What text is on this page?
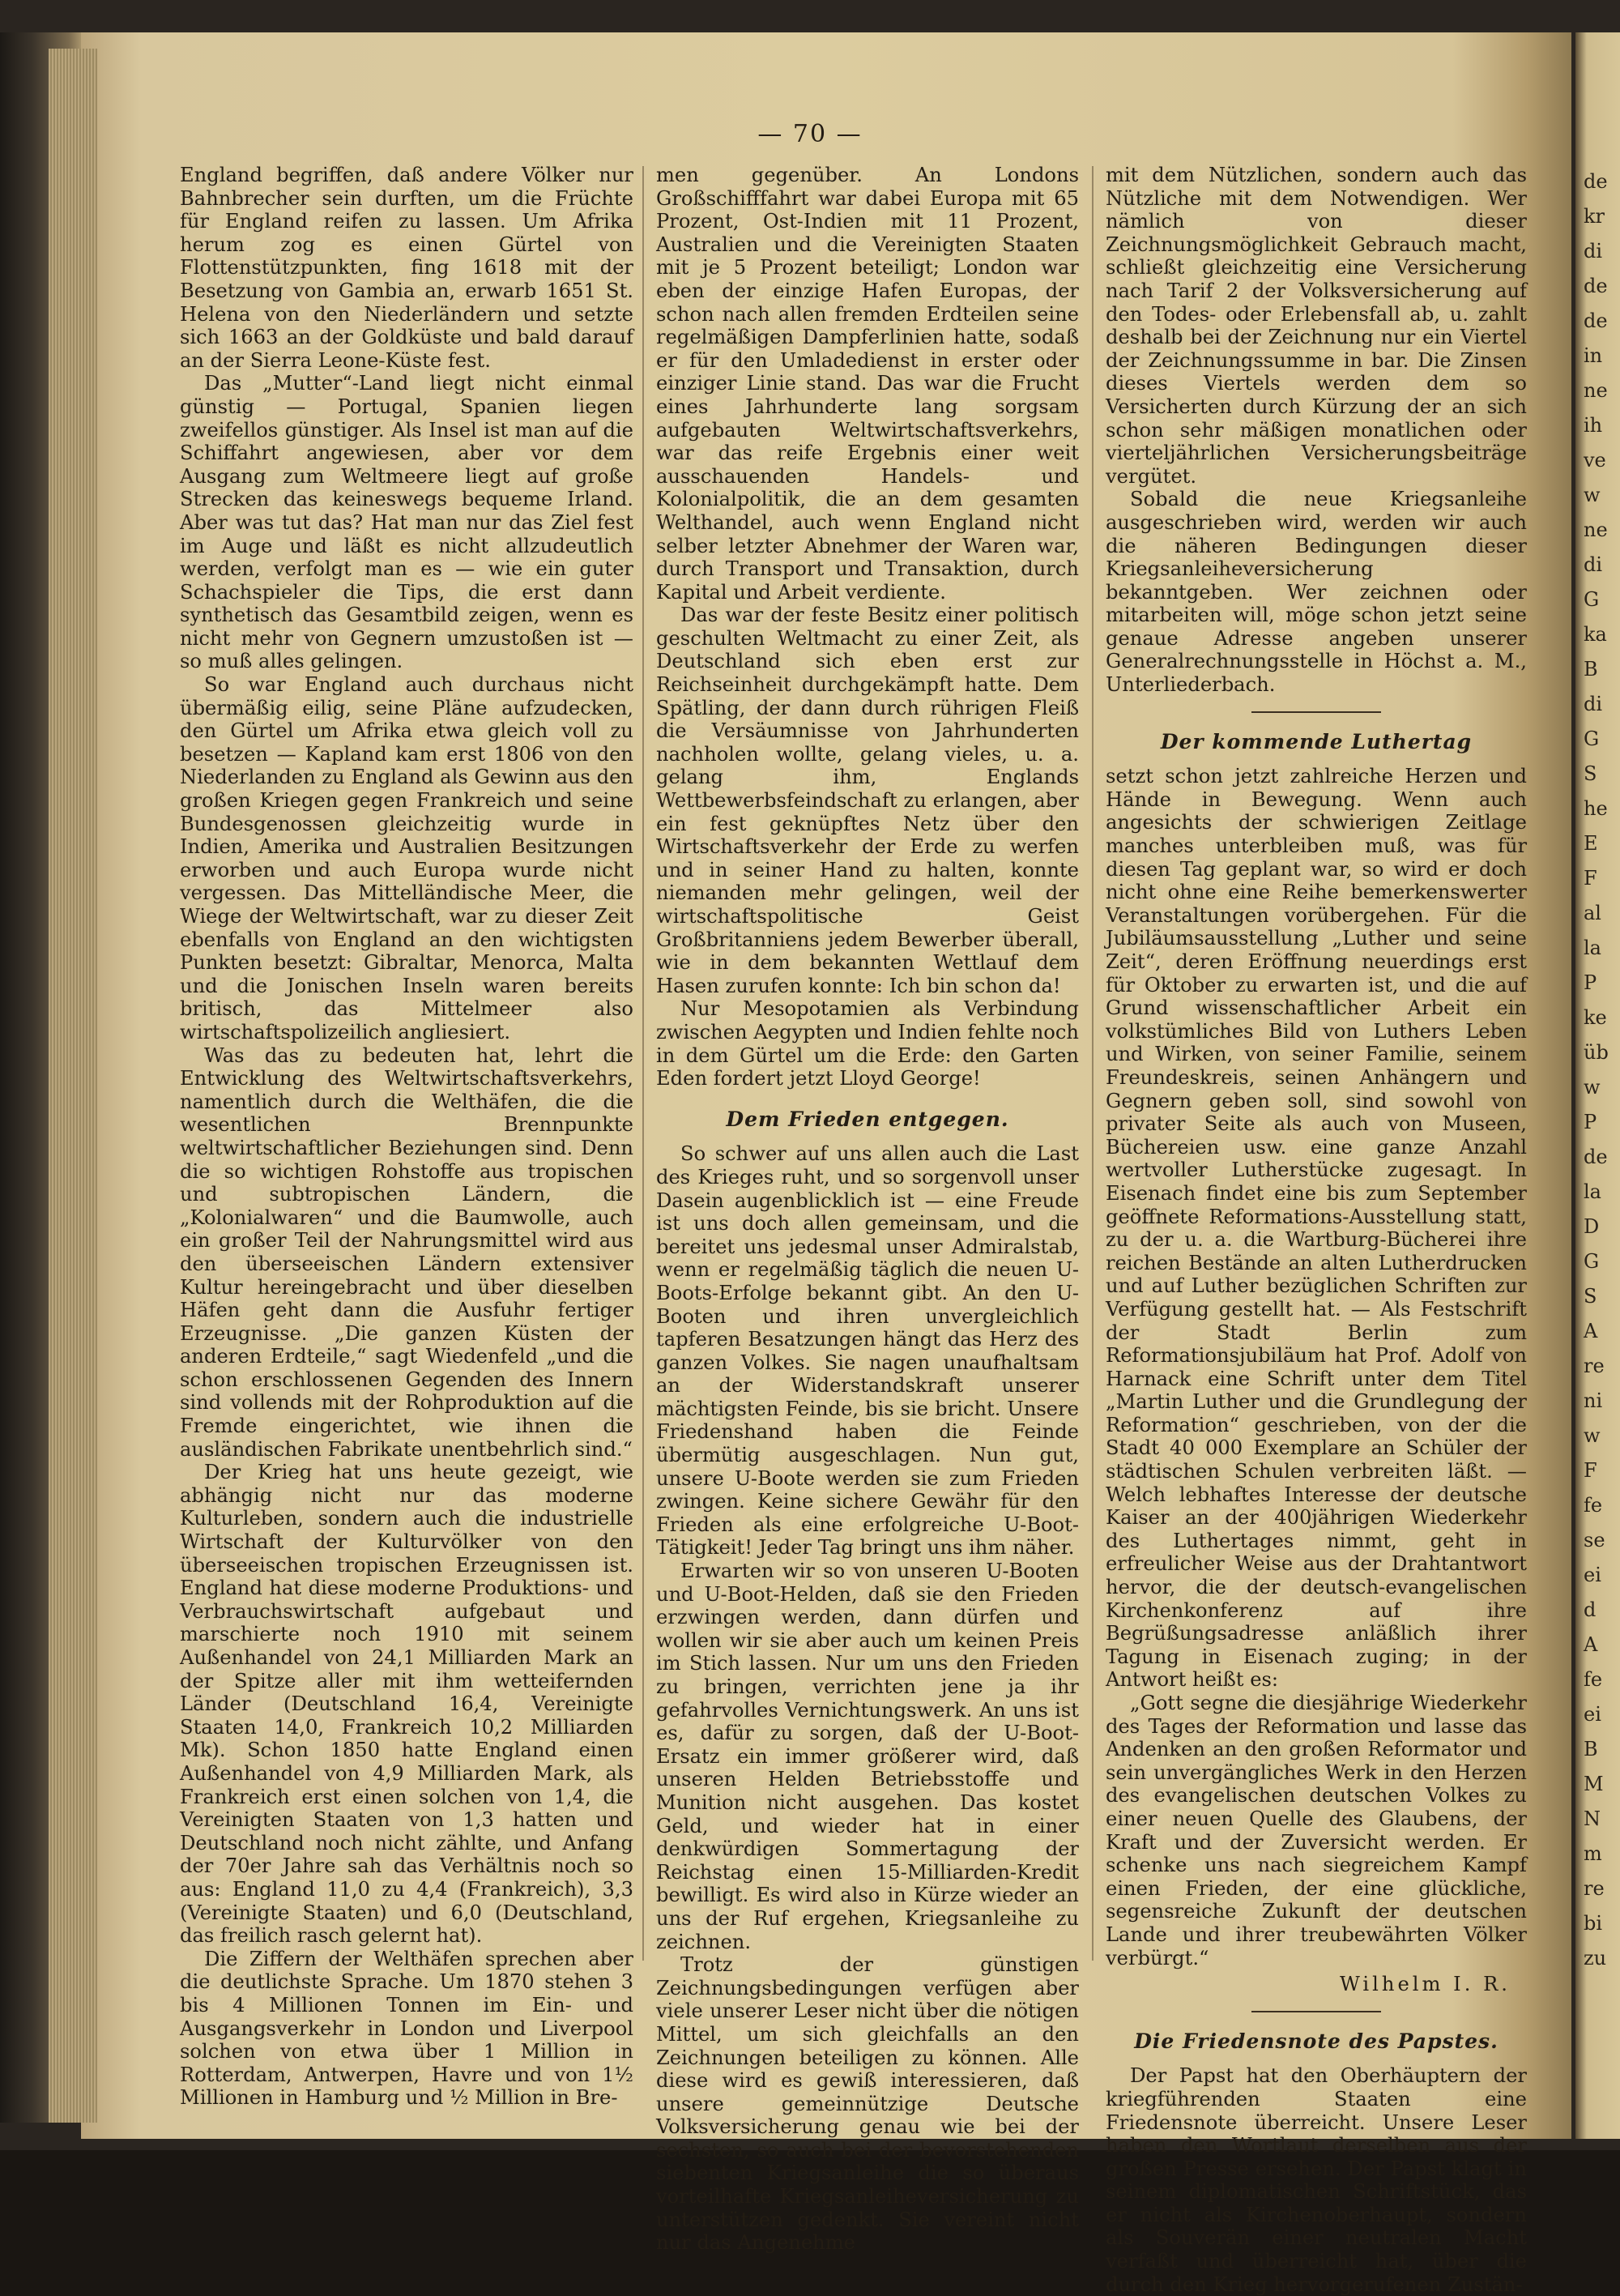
de
kr
di
de
de
in
ne
ih
ve
w
ne
di
G
ka
B
di
G
S
he
E
F
al
la
P
ke
üb
w
P
de
la
D
G
S
A
re
ni
w
F
fe
se
ei
d
A
fe
ei
B
M
N
m
re
bi
zu
— 70 —

England begriffen, daß andere Völker nur Bahnbrecher sein durften, um die Früchte für England reifen zu lassen. Um Afrika herum zog es einen Gürtel von Flottenstützpunkten, fing 1618 mit der Besetzung von Gambia an, erwarb 1651 St. Helena von den Niederländern und setzte sich 1663 an der Goldküste und bald darauf an der Sierra Leone-Küste fest.

Das „Mutter“-Land liegt nicht einmal günstig — Portugal, Spanien liegen zweifellos günstiger. Als Insel ist man auf die Schiffahrt angewiesen, aber vor dem Ausgang zum Weltmeere liegt auf große Strecken das keineswegs bequeme Irland. Aber was tut das? Hat man nur das Ziel fest im Auge und läßt es nicht allzudeutlich werden, verfolgt man es — wie ein guter Schachspieler die Tips, die erst dann synthetisch das Gesamtbild zeigen, wenn es nicht mehr von Gegnern umzustoßen ist — so muß alles gelingen.

So war England auch durchaus nicht übermäßig eilig, seine Pläne aufzudecken, den Gürtel um Afrika etwa gleich voll zu besetzen — Kapland kam erst 1806 von den Niederlanden zu England als Gewinn aus den großen Kriegen gegen Frankreich und seine Bundesgenossen gleichzeitig wurde in Indien, Amerika und Australien Besitzungen erworben und auch Europa wurde nicht vergessen. Das Mittelländische Meer, die Wiege der Weltwirtschaft, war zu dieser Zeit ebenfalls von England an den wichtigsten Punkten besetzt: Gibraltar, Menorca, Malta und die Jonischen Inseln waren bereits britisch, das Mittelmeer also wirtschaftspolizeilich angliesiert.

Was das zu bedeuten hat, lehrt die Entwicklung des Weltwirtschaftsverkehrs, namentlich durch die Welthäfen, die die wesentlichen Brennpunkte weltwirtschaftlicher Beziehungen sind. Denn die so wichtigen Rohstoffe aus tropischen und subtropischen Ländern, die „Kolonialwaren“ und die Baumwolle, auch ein großer Teil der Nahrungsmittel wird aus den überseeischen Ländern extensiver Kultur hereingebracht und über dieselben Häfen geht dann die Ausfuhr fertiger Erzeugnisse. „Die ganzen Küsten der anderen Erdteile,“ sagt Wiedenfeld „und die schon erschlossenen Gegenden des Innern sind vollends mit der Rohproduktion auf die Fremde eingerichtet, wie ihnen die ausländischen Fabrikate unentbehrlich sind.“

Der Krieg hat uns heute gezeigt, wie abhängig nicht nur das moderne Kulturleben, sondern auch die industrielle Wirtschaft der Kulturvölker von den überseeischen tropischen Erzeugnissen ist. England hat diese moderne Produktions- und Verbrauchswirtschaft aufgebaut und marschierte noch 1910 mit seinem Außenhandel von 24,1 Milliarden Mark an der Spitze aller mit ihm wetteifernden Länder (Deutschland 16,4, Vereinigte Staaten 14,0, Frankreich 10,2 Milliarden Mk). Schon 1850 hatte England einen Außenhandel von 4,9 Milliarden Mark, als Frankreich erst einen solchen von 1,4, die Vereinigten Staaten von 1,3 hatten und Deutschland noch nicht zählte, und Anfang der 70er Jahre sah das Verhältnis noch so aus: England 11,0 zu 4,4 (Frankreich), 3,3 (Vereinigte Staaten) und 6,0 (Deutschland, das freilich rasch gelernt hat).

Die Ziffern der Welthäfen sprechen aber die deutlichste Sprache. Um 1870 stehen 3 bis 4 Millionen Tonnen im Ein- und Ausgangsverkehr in London und Liverpool solchen von etwa über 1 Million in Rotterdam, Antwerpen, Havre und von 1½ Millionen in Hamburg und ½ Million in Bre-

men gegenüber. An Londons Großschifffahrt war dabei Europa mit 65 Prozent, Ost-Indien mit 11 Prozent, Australien und die Vereinigten Staaten mit je 5 Prozent beteiligt; London war eben der einzige Hafen Europas, der schon nach allen fremden Erdteilen seine regelmäßigen Dampferlinien hatte, sodaß er für den Umladedienst in erster oder einziger Linie stand. Das war die Frucht eines Jahrhunderte lang sorgsam aufgebauten Weltwirtschaftsverkehrs, war das reife Ergebnis einer weit ausschauenden Handels- und Kolonialpolitik, die an dem gesamten Welthandel, auch wenn England nicht selber letzter Abnehmer der Waren war, durch Transport und Transaktion, durch Kapital und Arbeit verdiente.

Das war der feste Besitz einer politisch geschulten Weltmacht zu einer Zeit, als Deutschland sich eben erst zur Reichseinheit durchgekämpft hatte. Dem Spätling, der dann durch rührigen Fleiß die Versäumnisse von Jahrhunderten nachholen wollte, gelang vieles, u. a. gelang ihm, Englands Wettbewerbsfeindschaft zu erlangen, aber ein fest geknüpftes Netz über den Wirtschaftsverkehr der Erde zu werfen und in seiner Hand zu halten, konnte niemanden mehr gelingen, weil der wirtschaftspolitische Geist Großbritanniens jedem Bewerber überall, wie in dem bekannten Wettlauf dem Hasen zurufen konnte: Ich bin schon da!

Nur Mesopotamien als Verbindung zwischen Aegypten und Indien fehlte noch in dem Gürtel um die Erde: den Garten Eden fordert jetzt Lloyd George!

Dem Frieden entgegen.

So schwer auf uns allen auch die Last des Krieges ruht, und so sorgenvoll unser Dasein augenblicklich ist — eine Freude ist uns doch allen gemeinsam, und die bereitet uns jedesmal unser Admiralstab, wenn er regelmäßig täglich die neuen U-Boots-Erfolge bekannt gibt. An den U-Booten und ihren unvergleichlich tapferen Besatzungen hängt das Herz des ganzen Volkes. Sie nagen unaufhaltsam an der Widerstandskraft unserer mächtigsten Feinde, bis sie bricht. Unsere Friedenshand haben die Feinde übermütig ausgeschlagen. Nun gut, unsere U-Boote werden sie zum Frieden zwingen. Keine sichere Gewähr für den Frieden als eine erfolgreiche U-Boot-Tätigkeit! Jeder Tag bringt uns ihm näher.

Erwarten wir so von unseren U-Booten und U-Boot-Helden, daß sie den Frieden erzwingen werden, dann dürfen und wollen wir sie aber auch um keinen Preis im Stich lassen. Nur um uns den Frieden zu bringen, verrichten jene ja ihr gefahrvolles Vernichtungswerk. An uns ist es, dafür zu sorgen, daß der U-Boot-Ersatz ein immer größerer wird, daß unseren Helden Betriebsstoffe und Munition nicht ausgehen. Das kostet Geld, und wieder hat in einer denkwürdigen Sommertagung der Reichstag einen 15-Milliarden-Kredit bewilligt. Es wird also in Kürze wieder an uns der Ruf ergehen, Kriegsanleihe zu zeichnen.

Trotz der günstigen Zeichnungsbedingungen verfügen aber viele unserer Leser nicht über die nötigen Mittel, um sich gleichfalls an den Zeichnungen beteiligen zu können. Alle diese wird es gewiß interessieren, daß unsere gemeinnützige Deutsche Volksversicherung genau wie bei der sechsten, so auch bei der bevorstehenden siebenten Kriegsanleihe die so überaus vorteilhafte Kriegsanleiheversicherung zu unterstützen gedenkt. Sie vereint nicht nur das Angenehme

mit dem Nützlichen, sondern auch das Nützliche mit dem Notwendigen. Wer nämlich von dieser Zeichnungsmöglichkeit Gebrauch macht, schließt gleichzeitig eine Versicherung nach Tarif 2 der Volksversicherung auf den Todes- oder Erlebensfall ab, u. zahlt deshalb bei der Zeichnung nur ein Viertel der Zeichnungssumme in bar. Die Zinsen dieses Viertels werden dem so Versicherten durch Kürzung der an sich schon sehr mäßigen monatlichen oder vierteljährlichen Versicherungsbeiträge vergütet.

Sobald die neue Kriegsanleihe ausgeschrieben wird, werden wir auch die näheren Bedingungen dieser Kriegsanleiheversicherung bekanntgeben. Wer zeichnen oder mitarbeiten will, möge schon jetzt seine genaue Adresse angeben unserer Generalrechnungsstelle in Höchst a. M., Unterliederbach.

Der kommende Luthertag

setzt schon jetzt zahlreiche Herzen und Hände in Bewegung. Wenn auch angesichts der schwierigen Zeitlage manches unterbleiben muß, was für diesen Tag geplant war, so wird er doch nicht ohne eine Reihe bemerkenswerter Veranstaltungen vorübergehen. Für die Jubiläumsausstellung „Luther und seine Zeit“, deren Eröffnung neuerdings erst für Oktober zu erwarten ist, und die auf Grund wissenschaftlicher Arbeit ein volkstümliches Bild von Luthers Leben und Wirken, von seiner Familie, seinem Freundeskreis, seinen Anhängern und Gegnern geben soll, sind sowohl von privater Seite als auch von Museen, Büchereien usw. eine ganze Anzahl wertvoller Lutherstücke zugesagt. In Eisenach findet eine bis zum September geöffnete Reformations-Ausstellung statt, zu der u. a. die Wartburg-Bücherei ihre reichen Bestände an alten Lutherdrucken und auf Luther bezüglichen Schriften zur Verfügung gestellt hat. — Als Festschrift der Stadt Berlin zum Reformationsjubiläum hat Prof. Adolf von Harnack eine Schrift unter dem Titel „Martin Luther und die Grundlegung der Reformation“ geschrieben, von der die Stadt 40 000 Exemplare an Schüler der städtischen Schulen verbreiten läßt. — Welch lebhaftes Interesse der deutsche Kaiser an der 400jährigen Wiederkehr des Luthertages nimmt, geht in erfreulicher Weise aus der Drahtantwort hervor, die der deutsch-evangelischen Kirchenkonferenz auf ihre Begrüßungsadresse anläßlich ihrer Tagung in Eisenach zuging; in der Antwort heißt es:

„Gott segne die diesjährige Wiederkehr des Tages der Reformation und lasse das Andenken an den großen Reformator und sein unvergängliches Werk in den Herzen des evangelischen deutschen Volkes zu einer neuen Quelle des Glaubens, der Kraft und der Zuversicht werden. Er schenke uns nach siegreichem Kampf einen Frieden, der eine glückliche, segensreiche Zukunft der deutschen Lande und ihrer treubewährten Völker verbürgt.“

Wilhelm I. R.
Die Friedensnote des Papstes.

Der Papst hat den Oberhäuptern der kriegführenden Staaten eine Friedensnote überreicht. Unsere Leser haben den Wortlaut derselben aus der großen Presse ersehen. Der Papst klagt in seinem diplomatischen Schriftstück, das er nicht als Kirchenoberhaupt, sondern als Souverän einer neutralen Macht verfaßt und überreicht hat, über die durch den Krieg hervorgerufenen Zustän-
